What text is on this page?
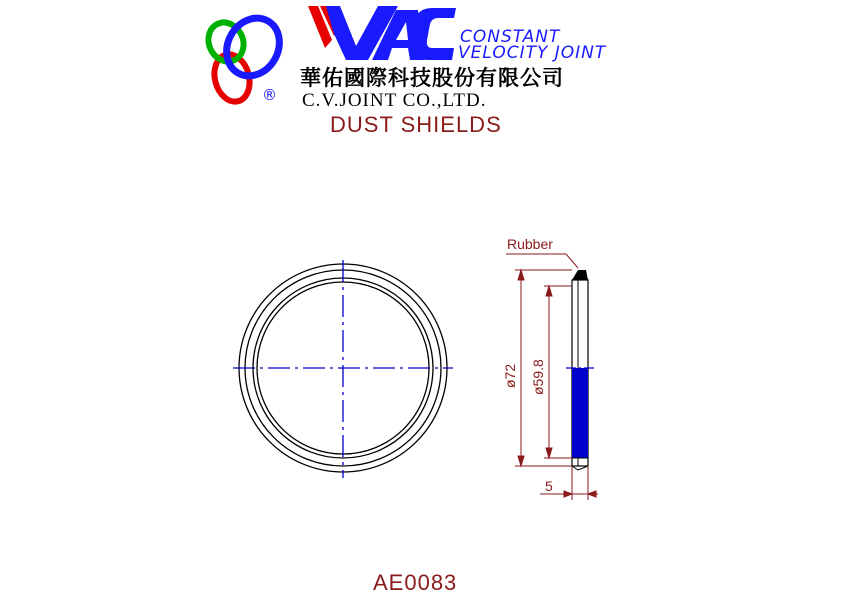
®
CONSTANT
VELOCITY JOINT
華佑國際科技股份有限公司
C.V.JOINT CO.,LTD.
DUST SHIELDS
Rubber
ø72 ø59.8
5
AE0083
